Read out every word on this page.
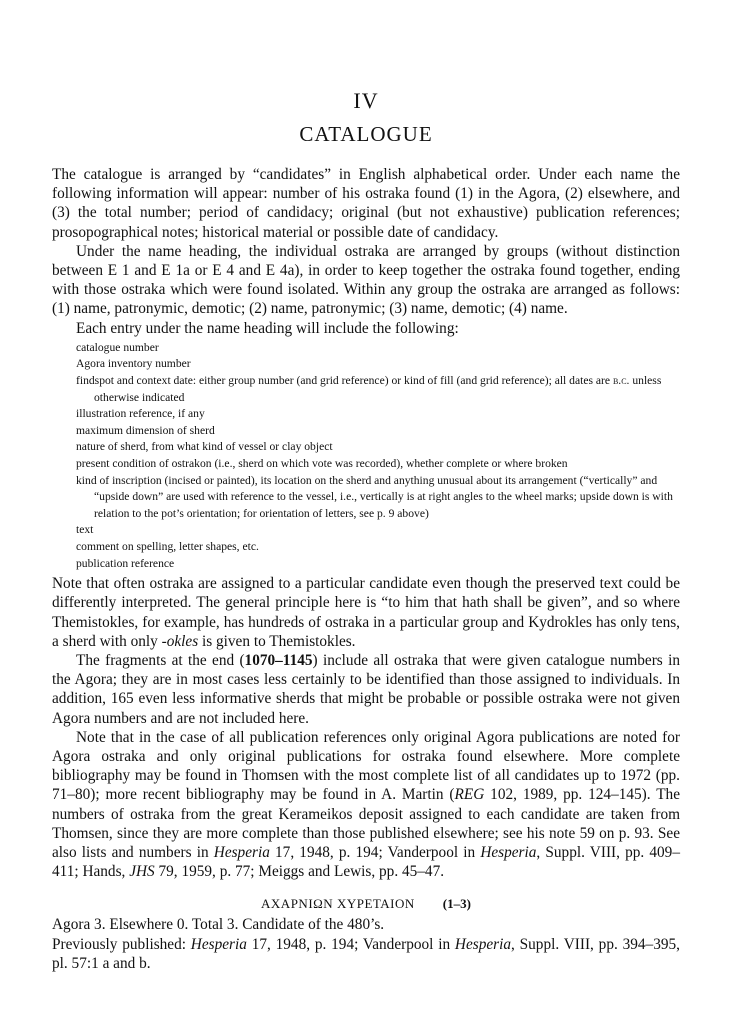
IV
CATALOGUE

The catalogue is arranged by “candidates” in English alphabetical order. Under each name the following information will appear: number of his ostraka found (1) in the Agora, (2) elsewhere, and (3) the total number; period of candidacy; original (but not exhaustive) publication references; prosopographical notes; historical material or possible date of candidacy.

Under the name heading, the individual ostraka are arranged by groups (without distinction between E 1 and E 1a or E 4 and E 4a), in order to keep together the ostraka found together, ending with those ostraka which were found isolated. Within any group the ostraka are arranged as follows: (1) name, patronymic, demotic; (2) name, patronymic; (3) name, demotic; (4) name.

Each entry under the name heading will include the following:

catalogue number
Agora inventory number
findspot and context date: either group number (and grid reference) or kind of fill (and grid reference); all dates are b.c. unless otherwise indicated
illustration reference, if any
maximum dimension of sherd
nature of sherd, from what kind of vessel or clay object
present condition of ostrakon (i.e., sherd on which vote was recorded), whether complete or where broken
kind of inscription (incised or painted), its location on the sherd and anything unusual about its arrangement (“vertically” and “upside down” are used with reference to the vessel, i.e., vertically is at right angles to the wheel marks; upside down is with relation to the pot’s orientation; for orientation of letters, see p. 9 above)
text
comment on spelling, letter shapes, etc.
publication reference

Note that often ostraka are assigned to a particular candidate even though the preserved text could be differently interpreted. The general principle here is “to him that hath shall be given”, and so where Themistokles, for example, has hundreds of ostraka in a particular group and Kydrokles has only tens, a sherd with only -okles is given to Themistokles.

The fragments at the end (1070–1145) include all ostraka that were given catalogue numbers in the Agora; they are in most cases less certainly to be identified than those assigned to individuals. In addition, 165 even less informative sherds that might be probable or possible ostraka were not given Agora numbers and are not included here.

Note that in the case of all publication references only original Agora publications are noted for Agora ostraka and only original publications for ostraka found elsewhere. More complete bibliography may be found in Thomsen with the most complete list of all candidates up to 1972 (pp. 71–80); more recent bibliography may be found in A. Martin (REG 102, 1989, pp. 124–145). The numbers of ostraka from the great Kerameikos deposit assigned to each candidate are taken from Thomsen, since they are more complete than those published elsewhere; see his note 59 on p. 93. See also lists and numbers in Hesperia 17, 1948, p. 194; Vanderpool in Hesperia, Suppl. VIII, pp. 409–411; Hands, JHS 79, 1959, p. 77; Meiggs and Lewis, pp. 45–47.

ΑΧΑΡΝΙΩΝ ΧΥΡΕΤΑΙΟΝ (1–3)

Agora 3. Elsewhere 0. Total 3. Candidate of the 480’s.

Previously published: Hesperia 17, 1948, p. 194; Vanderpool in Hesperia, Suppl. VIII, pp. 394–395, pl. 57:1 a and b.
